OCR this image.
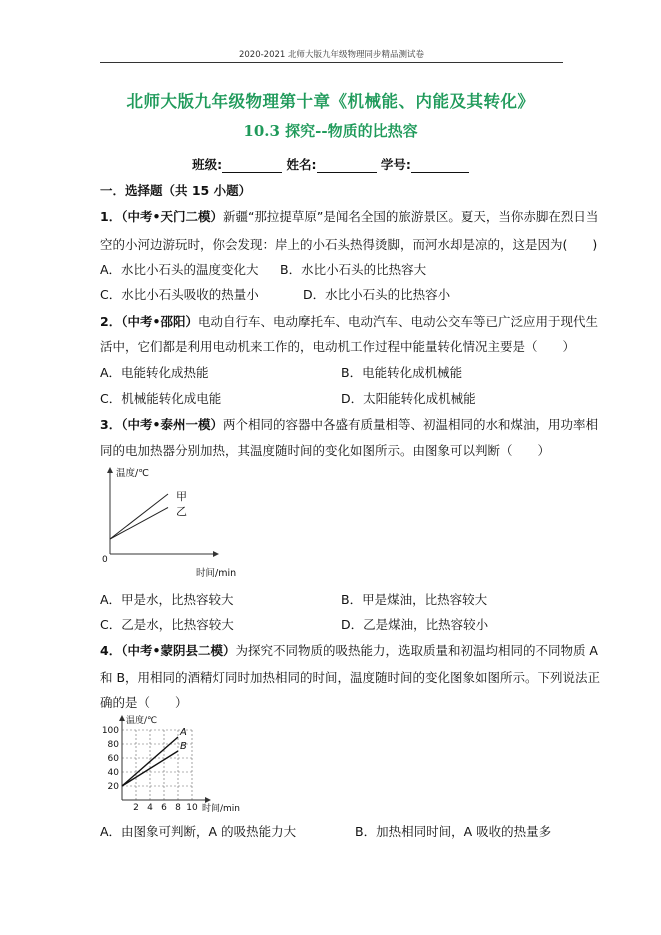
2020-2021 北师大版九年级物理同步精品测试卷
北师大版九年级物理第十章《机械能、内能及其转化》
10.3 探究--物质的比热容
班级:	姓名:	学号:
一．选择题（共 15 小题）
1．（中考•天门二模）新疆“那拉提草原”是闻名全国的旅游景区。夏天，当你赤脚在烈日当
空的小河边游玩时，你会发现：岸上的小石头热得烫脚，而河水却是凉的，这是因为(　　)
A．水比小石头的温度变化大 B．水比小石头的比热容大
C．水比小石头吸收的热量小	D．水比小石头的比热容小
2．（中考•邵阳）电动自行车、电动摩托车、电动汽车、电动公交车等已广泛应用于现代生
活中，它们都是利用电动机来工作的，电动机工作过程中能量转化情况主要是（　　）
A．电能转化成热能	B．电能转化成机械能
C．机械能转化成电能	D．太阳能转化成机械能
3．（中考•泰州一模）两个相同的容器中各盛有质量相等、初温相同的水和煤油，用功率相
同的电加热器分别加热，其温度随时间的变化如图所示。由图象可以判断（　　）
温度/℃
0
时间/min
甲
乙
A．甲是水，比热容较大	B．甲是煤油，比热容较大
C．乙是水，比热容较大	D．乙是煤油，比热容较小
4．（中考•蒙阴县二模）为探究不同物质的吸热能力，选取质量和初温均相同的不同物质 A
和 B，用相同的酒精灯同时加热相同的时间，温度随时间的变化图象如图所示。下列说法正
确的是（　　）
温度/℃
时间/min
20
40
60
80
100
2 4 6 8 10
A
B
A．由图象可判断，A 的吸热能力大	B．加热相同时间，A 吸收的热量多
